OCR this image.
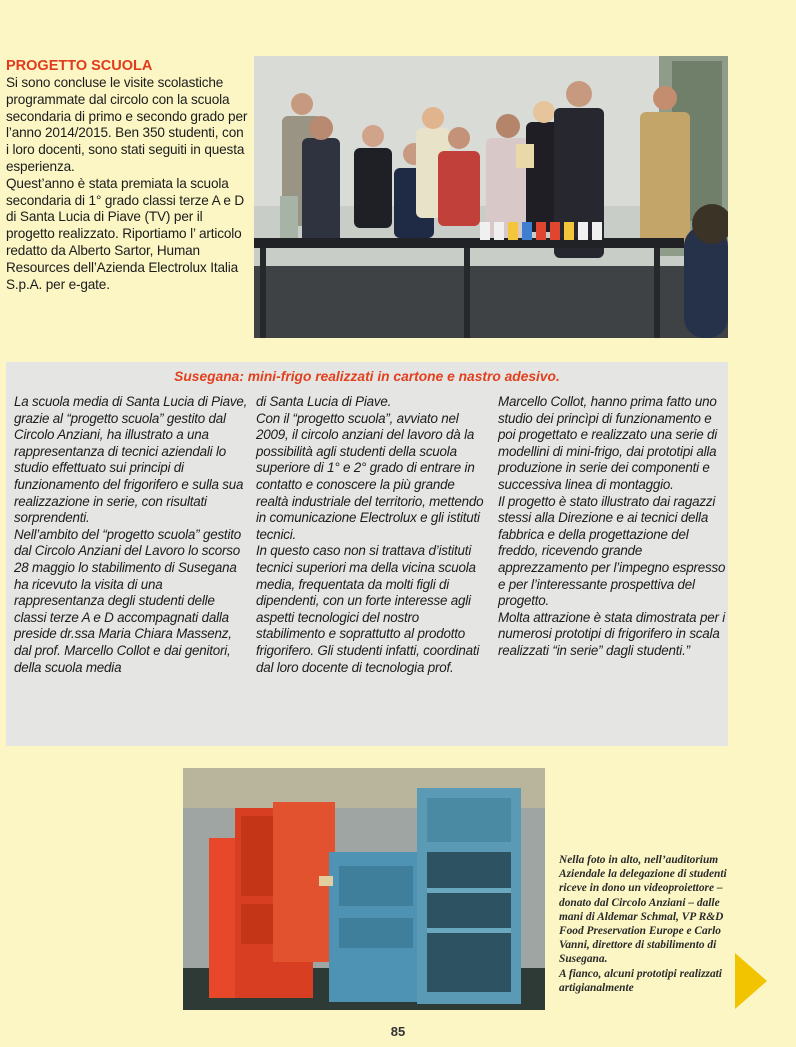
PROGETTO SCUOLA

Si sono concluse le visite scolastiche programmate dal circolo con la scuola secondaria di primo e secondo grado per l’anno 2014/2015. Ben 350 studenti, con i loro docenti, sono stati seguiti in questa esperienza.

Quest’anno è stata premiata la scuola secondaria di 1° grado classi terze A e D di Santa Lucia di Piave (TV) per il progetto realizzato. Riportiamo l’ articolo redatto da Alberto Sartor, Human Resources dell’Azienda Electrolux Italia S.p.A. per e-gate.

Susegana: mini-frigo realizzati in cartone e nastro adesivo.

La scuola media di Santa Lucia di Piave, grazie al “progetto scuola” gestito dal Circolo Anziani, ha illustrato a una rappresentanza di tecnici aziendali lo studio effettuato sui principi di funzionamento del frigorifero e sulla sua realizzazione in serie, con risultati sorprendenti.

Nell’ambito del “progetto scuola” gestito dal Circolo Anziani del Lavoro lo scorso 28 maggio lo stabilimento di Susegana ha ricevuto la visita di una rappresentanza degli studenti delle classi terze A e D accompagnati dalla preside dr.ssa Maria Chiara Massenz, dal prof. Marcello Collot e dai genitori, della scuola media

di Santa Lucia di Piave.

Con il “progetto scuola”, avviato nel 2009, il circolo anziani del lavoro dà la possibilità agli studenti della scuola superiore di 1° e 2° grado di entrare in contatto e conoscere la più grande realtà industriale del territorio, mettendo in comunicazione Electrolux e gli istituti tecnici.

In questo caso non si trattava d’istituti tecnici superiori ma della vicina scuola media, frequentata da molti figli di dipendenti, con un forte interesse agli aspetti tecnologici del nostro stabilimento e soprattutto al prodotto frigorifero. Gli studenti infatti, coordinati dal loro docente di tecnologia prof.

Marcello Collot, hanno prima fatto uno studio dei princìpi di funzionamento e poi progettato e realizzato una serie di modellini di mini-frigo, dai prototipi alla produzione in serie dei componenti e successiva linea di montaggio.

Il progetto è stato illustrato dai ragazzi stessi alla Direzione e ai tecnici della fabbrica e della progettazione del freddo, ricevendo grande apprezzamento per l’impegno espresso e per l’interessante prospettiva del progetto.

Molta attrazione è stata dimostrata per i numerosi prototipi di frigorifero in scala realizzati “in serie” dagli studenti.”

Nella foto in alto, nell’auditorium Aziendale la delegazione di studenti riceve in dono un videoproiettore – donato dal Circolo Anziani – dalle mani di Aldemar Schmal, VP R&D Food Preservation Europe e Carlo Vanni, direttore di stabilimento di Susegana.

A fianco, alcuni prototipi realizzati artigianalmente

85
